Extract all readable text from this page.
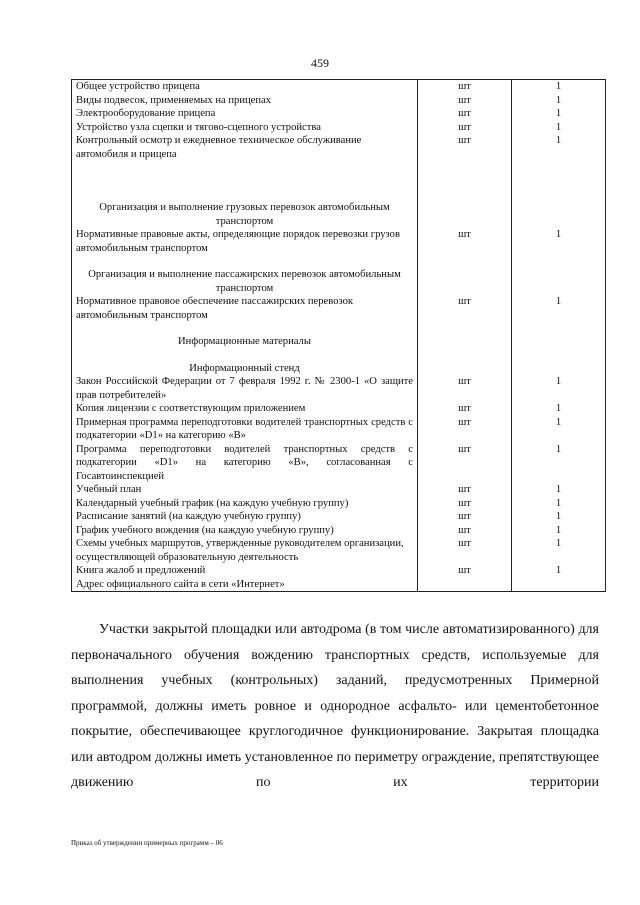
459
Общее устройство прицепа	шт	1
Виды подвесок, применяемых на прицепах	шт	1
Электрооборудование прицепа	шт	1
Устройство узла сцепки и тягово-сцепного устройства	шт	1
Контрольный осмотр и ежедневное техническое обслуживание автомобиля и прицепа	шт	1

Организация и выполнение грузовых перевозок автомобильным транспортом		
Нормативные правовые акты, определяющие порядок перевозки грузов автомобильным транспортом	шт	1

Организация и выполнение пассажирских перевозок автомобильным транспортом		
Нормативное правовое обеспечение пассажирских перевозок автомобильным транспортом	шт	1

Информационные материалы		

Информационный стенд		
Закон Российской Федерации от 7 февраля 1992 г. № 2300-1 «О защите прав потребителей»	шт	1
Копия лицензии с соответствующим приложением	шт	1
Примерная программа переподготовки водителей транспортных средств с подкатегории «D1» на категорию «В»	шт	1
Программа переподготовки водителей транспортных средств с подкатегории «D1» на категорию «В», согласованная с Госавтоинспекцией	шт	1
Учебный план	шт	1
Календарный учебный график (на каждую учебную группу)	шт	1
Расписание занятий (на каждую учебную группу)	шт	1
График учебного вождения (на каждую учебную группу)	шт	1
Схемы учебных маршрутов, утвержденные руководителем организации, осуществляющей образовательную деятельность	шт	1
Книга жалоб и предложений	шт	1
Адрес официального сайта в сети «Интернет»		

Участки закрытой площадки или автодрома (в том числе автоматизированного) для первоначального обучения вождению транспортных средств, используемые для выполнения учебных (контрольных) заданий, предусмотренных Примерной программой, должны иметь ровное и однородное асфальто- или цементобетонное покрытие, обеспечивающее круглогодичное функционирование. Закрытая площадка или автодром должны иметь установленное по периметру ограждение, препятствующее движению по их территории

Приказ об утверждении примерных программ – 06
